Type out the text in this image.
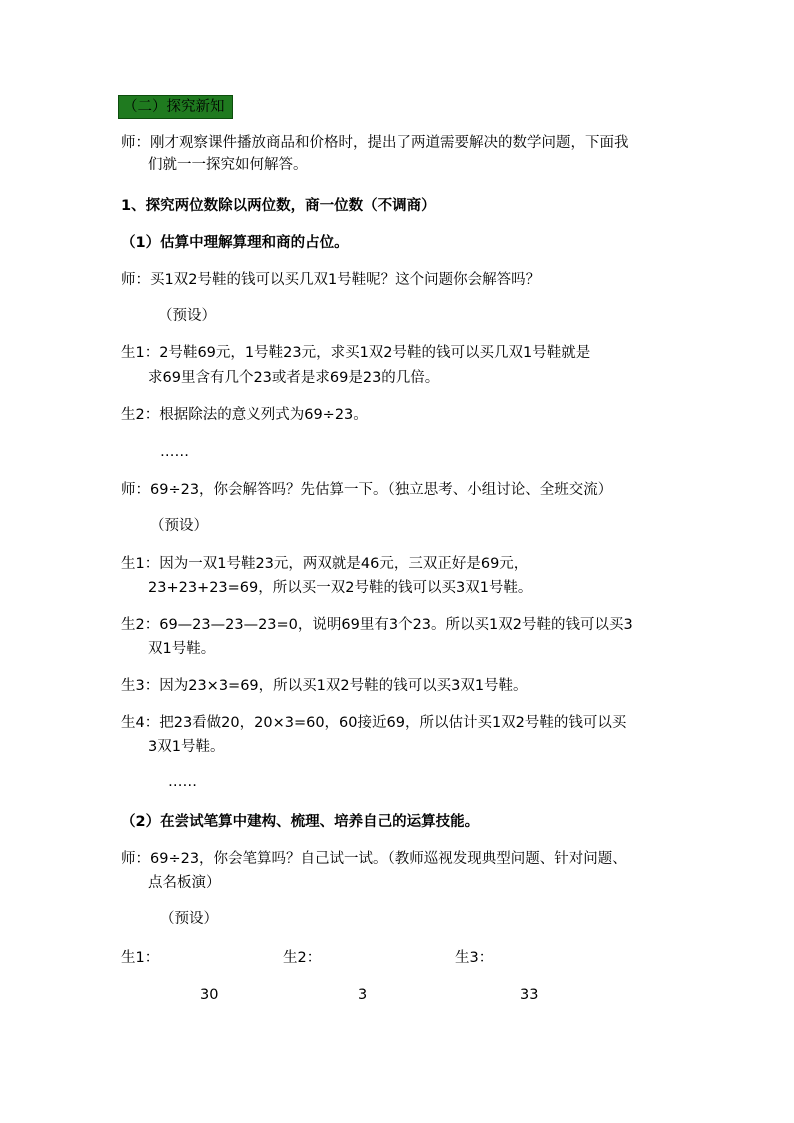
（二）探究新知
师：刚才观察课件播放商品和价格时，提出了两道需要解决的数学问题，下面我
们就一一探究如何解答。
1、探究两位数除以两位数，商一位数（不调商）
（1）估算中理解算理和商的占位。
师：买1双2号鞋的钱可以买几双1号鞋呢？这个问题你会解答吗？
（预设）
生1：2号鞋69元，1号鞋23元，求买1双2号鞋的钱可以买几双1号鞋就是
求69里含有几个23或者是求69是23的几倍。
生2：根据除法的意义列式为69÷23。
……
师：69÷23，你会解答吗？先估算一下。（独立思考、小组讨论、全班交流）
（预设）
生1：因为一双1号鞋23元，两双就是46元，三双正好是69元，
23+23+23=69，所以买一双2号鞋的钱可以买3双1号鞋。
生2：69—23—23—23=0，说明69里有3个23。所以买1双2号鞋的钱可以买3
双1号鞋。
生3：因为23×3=69，所以买1双2号鞋的钱可以买3双1号鞋。
生4：把23看做20，20×3=60，60接近69，所以估计买1双2号鞋的钱可以买
3双1号鞋。
……
（2）在尝试笔算中建构、梳理、培养自己的运算技能。
师：69÷23，你会笔算吗？自己试一试。（教师巡视发现典型问题、针对问题、
点名板演）
（预设）
生1：	生2：	生3：
30	3	33
